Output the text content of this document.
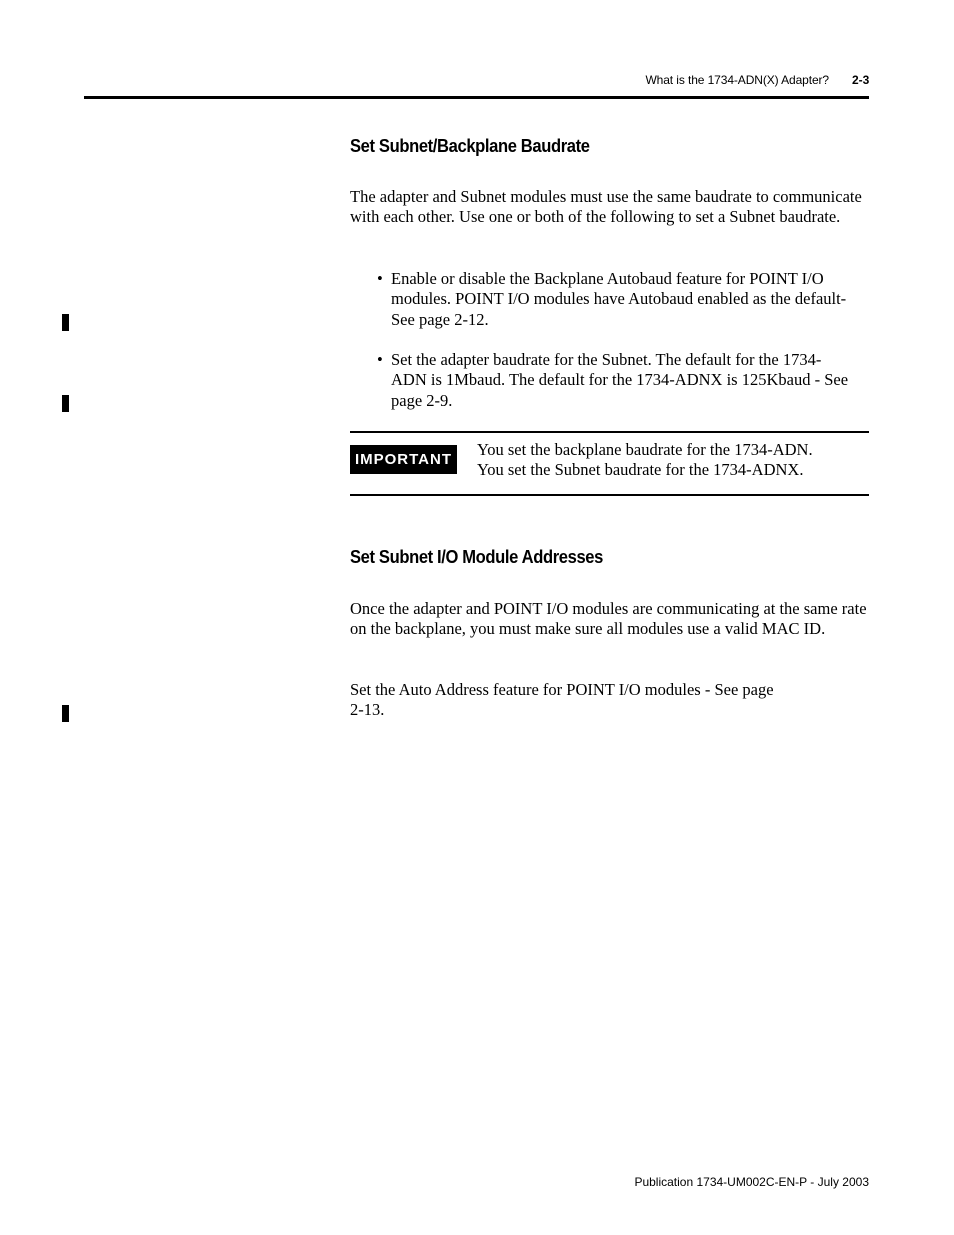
What is the 1734-ADN(X) Adapter? 2-3
Set Subnet/Backplane Baudrate

The adapter and Subnet modules must use the same baudrate to communicate with each other. Use one or both of the following to set a Subnet baudrate.

• Enable or disable the Backplane Autobaud feature for POINT I/O modules. POINT I/O modules have Autobaud enabled as the default- See page 2-12.
• Set the adapter baudrate for the Subnet. The default for the 1734-ADN is 1Mbaud. The default for the 1734-ADNX is 125Kbaud - See page 2-9.
IMPORTANT
You set the backplane baudrate for the 1734-ADN.
You set the Subnet baudrate for the 1734-ADNX.
Set Subnet I/O Module Addresses

Once the adapter and POINT I/O modules are communicating at the same rate on the backplane, you must make sure all modules use a valid MAC ID.

Set the Auto Address feature for POINT I/O modules - See page 2-13.

Publication 1734-UM002C-EN-P - July 2003
